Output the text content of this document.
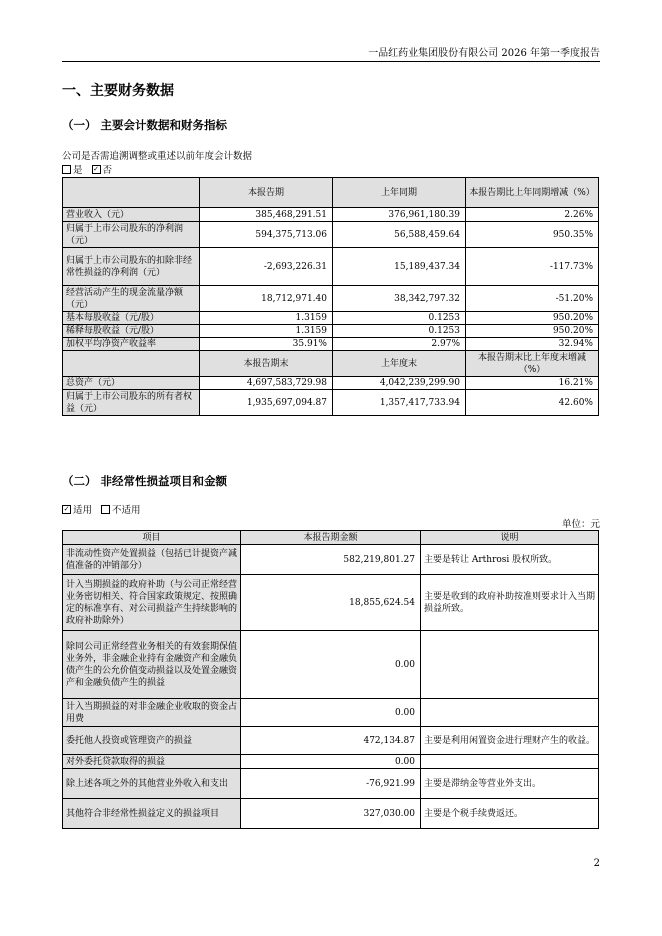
一品红药业集团股份有限公司 2026 年第一季度报告
一、主要财务数据
（一） 主要会计数据和财务指标
公司是否需追溯调整或重述以前年度会计数据
是 ✓ 否
	本报告期	上年同期	本报告期比上年同期增减（%）
营业收入（元）	385,468,291.51	376,961,180.39	2.26%
归属于上市公司股东的净利润（元）	594,375,713.06	56,588,459.64	950.35%
归属于上市公司股东的扣除非经常性损益的净利润（元）	-2,693,226.31	15,189,437.34	-117.73%
经营活动产生的现金流量净额（元）	18,712,971.40	38,342,797.32	-51.20%
基本每股收益（元/股）	1.3159	0.1253	950.20%
稀释每股收益（元/股）	1.3159	0.1253	950.20%
加权平均净资产收益率	35.91%	2.97%	32.94%
	本报告期末	上年度末	本报告期末比上年度末增减（%）
总资产（元）	4,697,583,729.98	4,042,239,299.90	16.21%
归属于上市公司股东的所有者权益（元）	1,935,697,094.87	1,357,417,733.94	42.60%
（二） 非经常性损益项目和金额
✓ 适用 不适用
单位：元
项目	本报告期金额	说明
非流动性资产处置损益（包括已计提资产减值准备的冲销部分）	582,219,801.27	主要是转让 Arthrosi 股权所致。
计入当期损益的政府补助（与公司正常经营业务密切相关、符合国家政策规定、按照确定的标准享有、对公司损益产生持续影响的政府补助除外）	18,855,624.54	主要是收到的政府补助按准则要求计入当期损益所致。
除同公司正常经营业务相关的有效套期保值业务外，非金融企业持有金融资产和金融负债产生的公允价值变动损益以及处置金融资产和金融负债产生的损益	0.00	
计入当期损益的对非金融企业收取的资金占用费	0.00	
委托他人投资或管理资产的损益	472,134.87	主要是利用闲置资金进行理财产生的收益。
对外委托贷款取得的损益	0.00	
除上述各项之外的其他营业外收入和支出	-76,921.99	主要是滞纳金等营业外支出。
其他符合非经常性损益定义的损益项目	327,030.00	主要是个税手续费返还。
2
